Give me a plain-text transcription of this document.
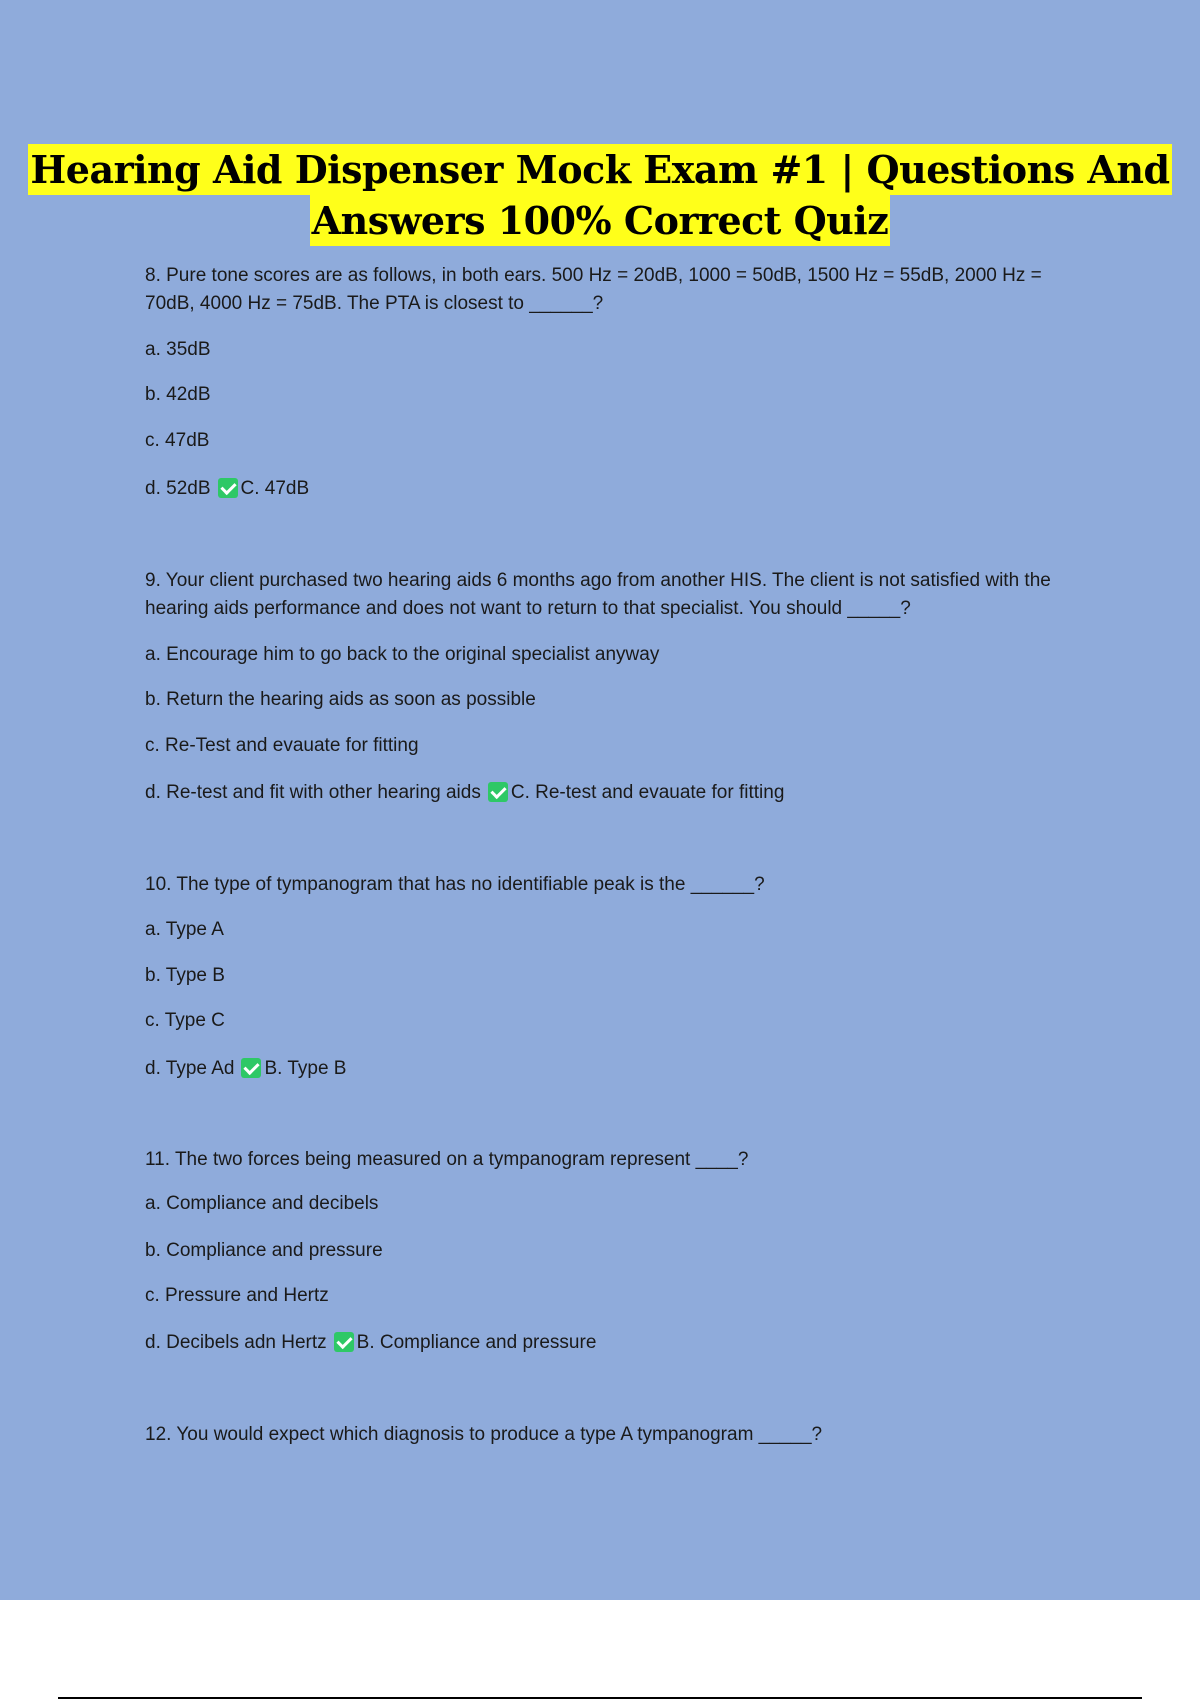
Hearing Aid Dispenser Mock Exam #1 | Questions And
Answers 100% Correct Quiz

8. Pure tone scores are as follows, in both ears. 500 Hz = 20dB, 1000 = 50dB, 1500 Hz = 55dB, 2000 Hz = 70dB, 4000 Hz = 75dB. The PTA is closest to ______?

a. 35dB

b. 42dB

c. 47dB

d. 52dB C. 47dB

9. Your client purchased two hearing aids 6 months ago from another HIS. The client is not satisfied with the hearing aids performance and does not want to return to that specialist. You should _____?

a. Encourage him to go back to the original specialist anyway

b. Return the hearing aids as soon as possible

c. Re-Test and evauate for fitting

d. Re-test and fit with other hearing aids C. Re-test and evauate for fitting

10. The type of tympanogram that has no identifiable peak is the ______?

a. Type A

b. Type B

c. Type C

d. Type Ad B. Type B

11. The two forces being measured on a tympanogram represent ____?

a. Compliance and decibels

b. Compliance and pressure

c. Pressure and Hertz

d. Decibels adn Hertz B. Compliance and pressure

12. You would expect which diagnosis to produce a type A tympanogram _____?
